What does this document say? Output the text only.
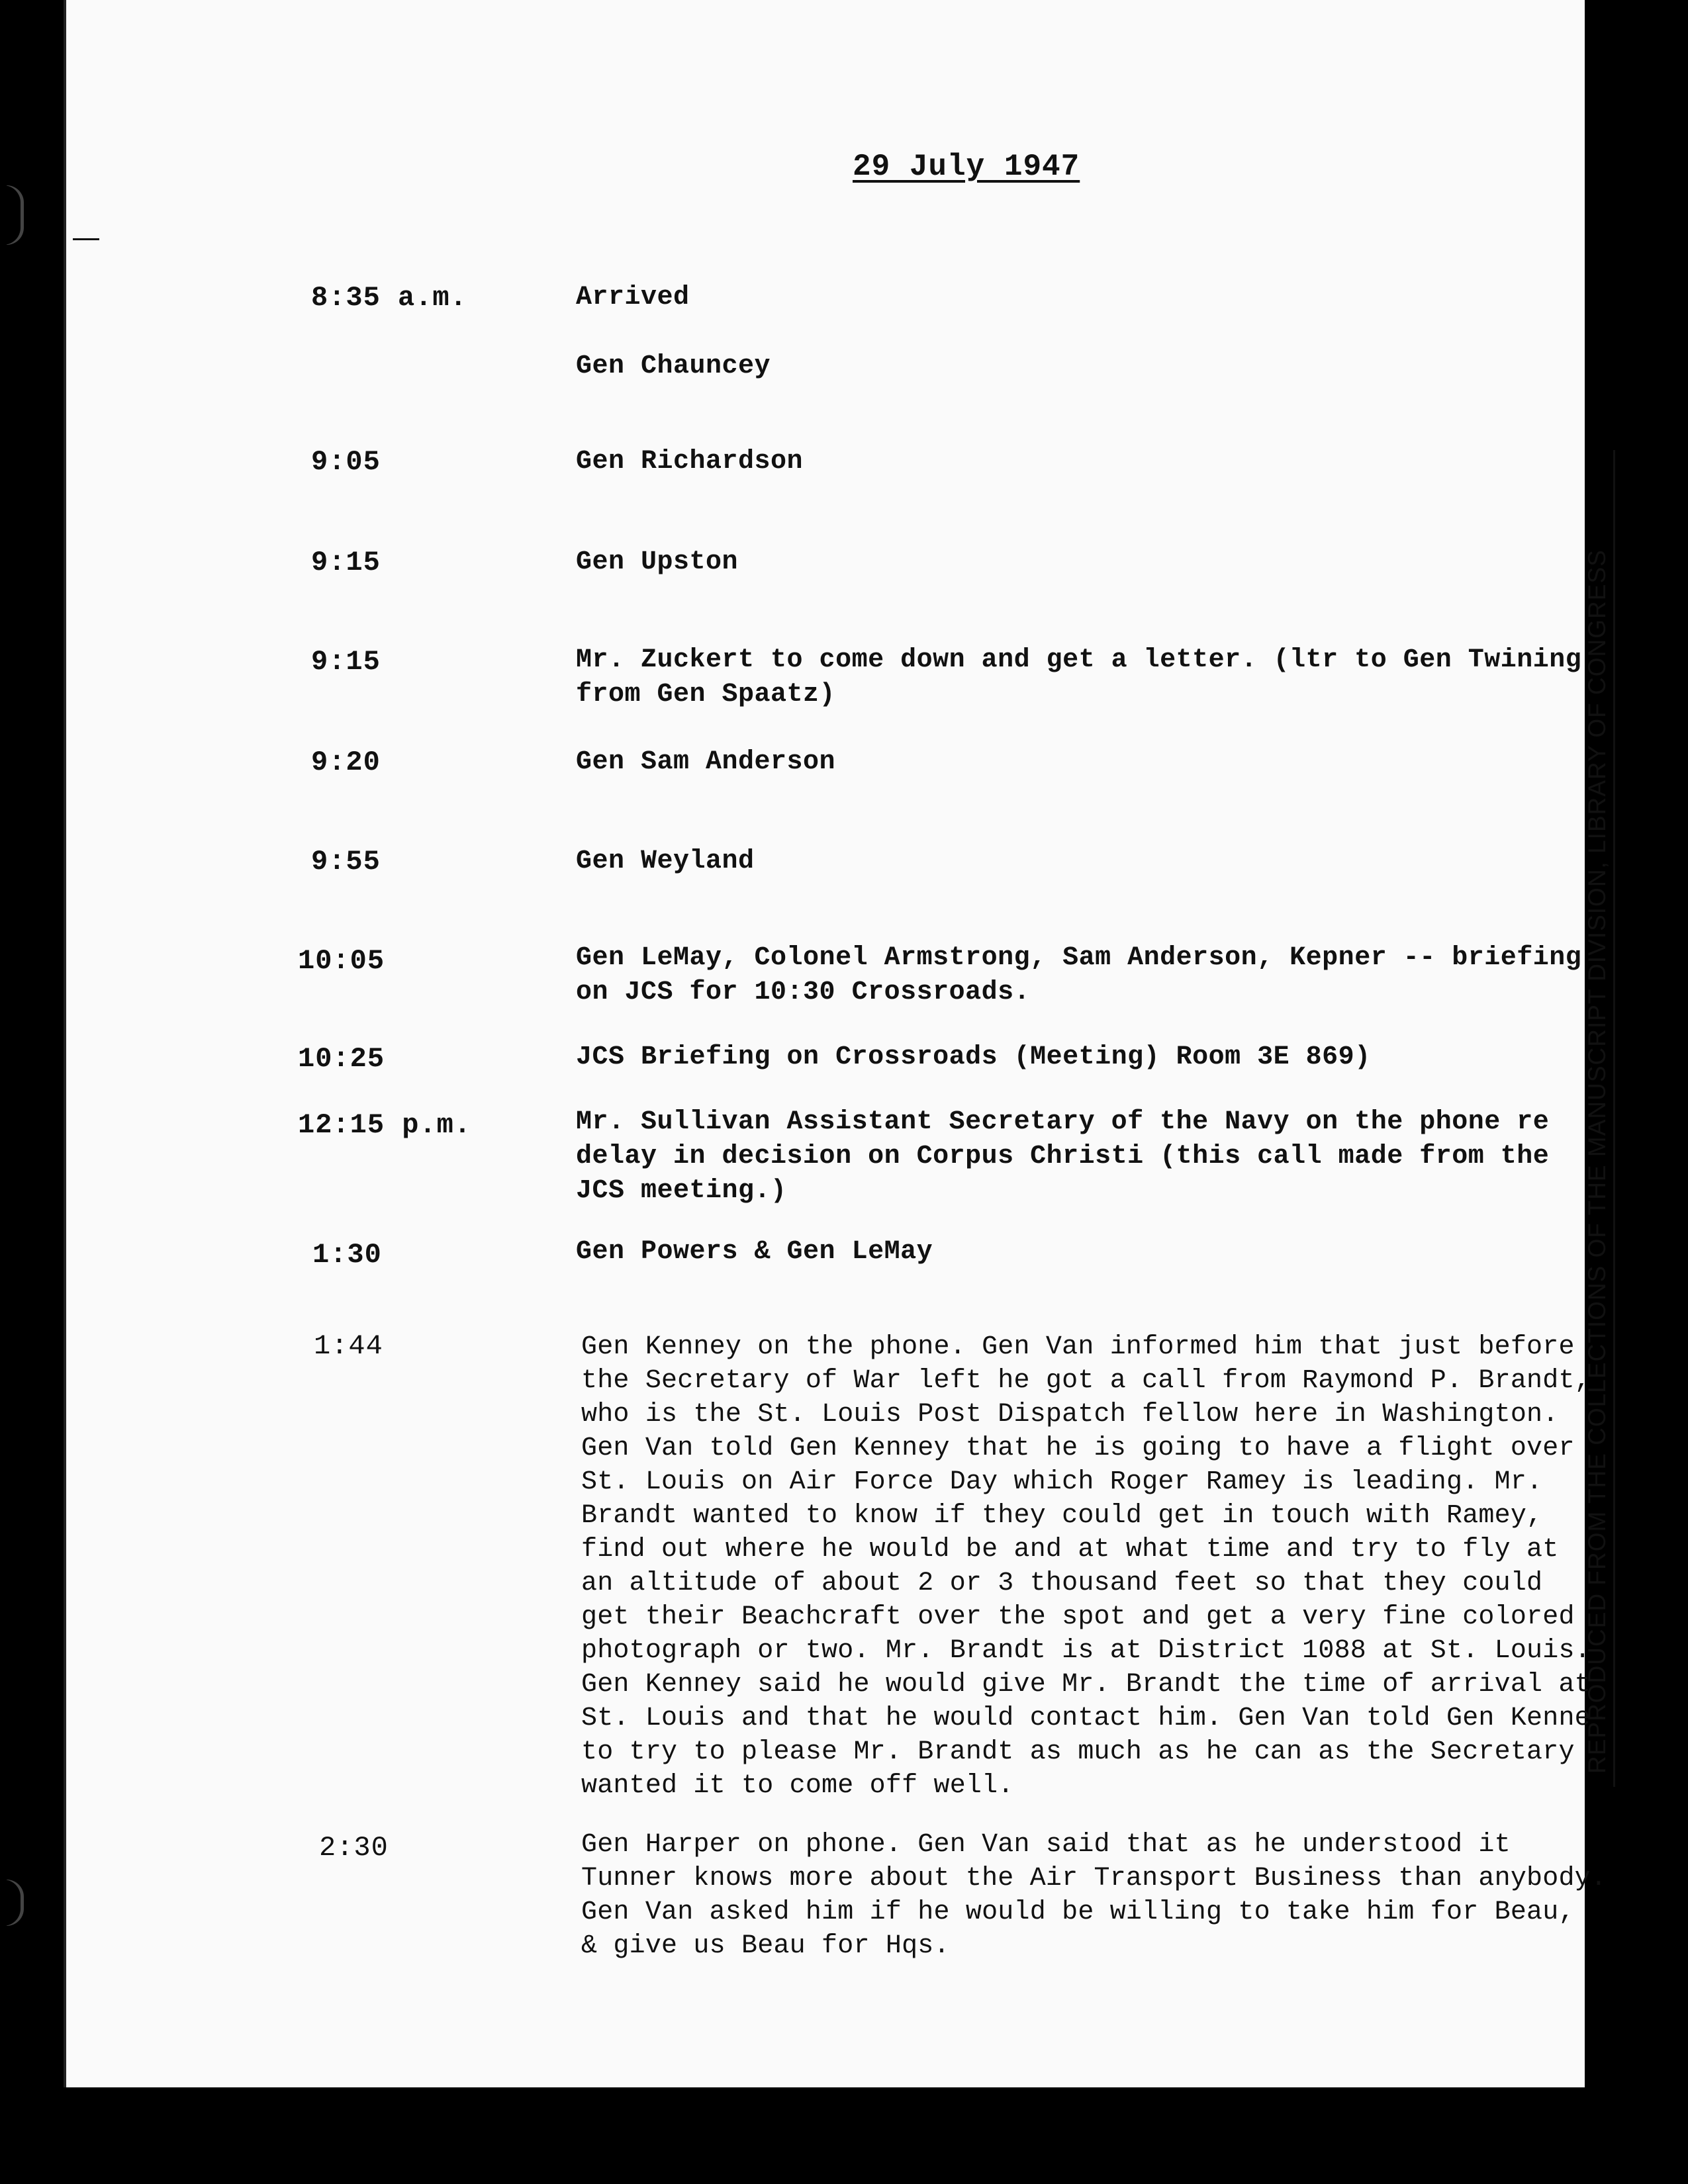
29 July 1947
8:35 a.m.	Arrived

Gen Chauncey
9:05	Gen Richardson
9:15	Gen Upston
9:15	Mr. Zuckert to come down and get a letter. (ltr to Gen Twining
from Gen Spaatz)
9:20	Gen Sam Anderson
9:55	Gen Weyland
10:05	Gen LeMay, Colonel Armstrong, Sam Anderson, Kepner -- briefing
on JCS for 10:30 Crossroads.
10:25	JCS Briefing on Crossroads (Meeting) Room 3E 869)
12:15 p.m.	Mr. Sullivan Assistant Secretary of the Navy on the phone re
delay in decision on Corpus Christi (this call made from the
JCS meeting.)
1:30	Gen Powers & Gen LeMay
1:44	Gen Kenney on the phone. Gen Van informed him that just before
the Secretary of War left he got a call from Raymond P. Brandt,
who is the St. Louis Post Dispatch fellow here in Washington.
Gen Van told Gen Kenney that he is going to have a flight over
St. Louis on Air Force Day which Roger Ramey is leading. Mr.
Brandt wanted to know if they could get in touch with Ramey,
find out where he would be and at what time and try to fly at
an altitude of about 2 or 3 thousand feet so that they could
get their Beachcraft over the spot and get a very fine colored
photograph or two. Mr. Brandt is at District 1088 at St. Louis.
Gen Kenney said he would give Mr. Brandt the time of arrival at
St. Louis and that he would contact him. Gen Van told Gen Kenne-
to try to please Mr. Brandt as much as he can as the Secretary
wanted it to come off well.
2:30	Gen Harper on phone. Gen Van said that as he understood it
Tunner knows more about the Air Transport Business than anybody.
Gen Van asked him if he would be willing to take him for Beau,
& give us Beau for Hqs.
REPRODUCED FROM THE COLLECTIONS OF THE MANUSCRIPT DIVISION, LIBRARY OF CONGRESS
